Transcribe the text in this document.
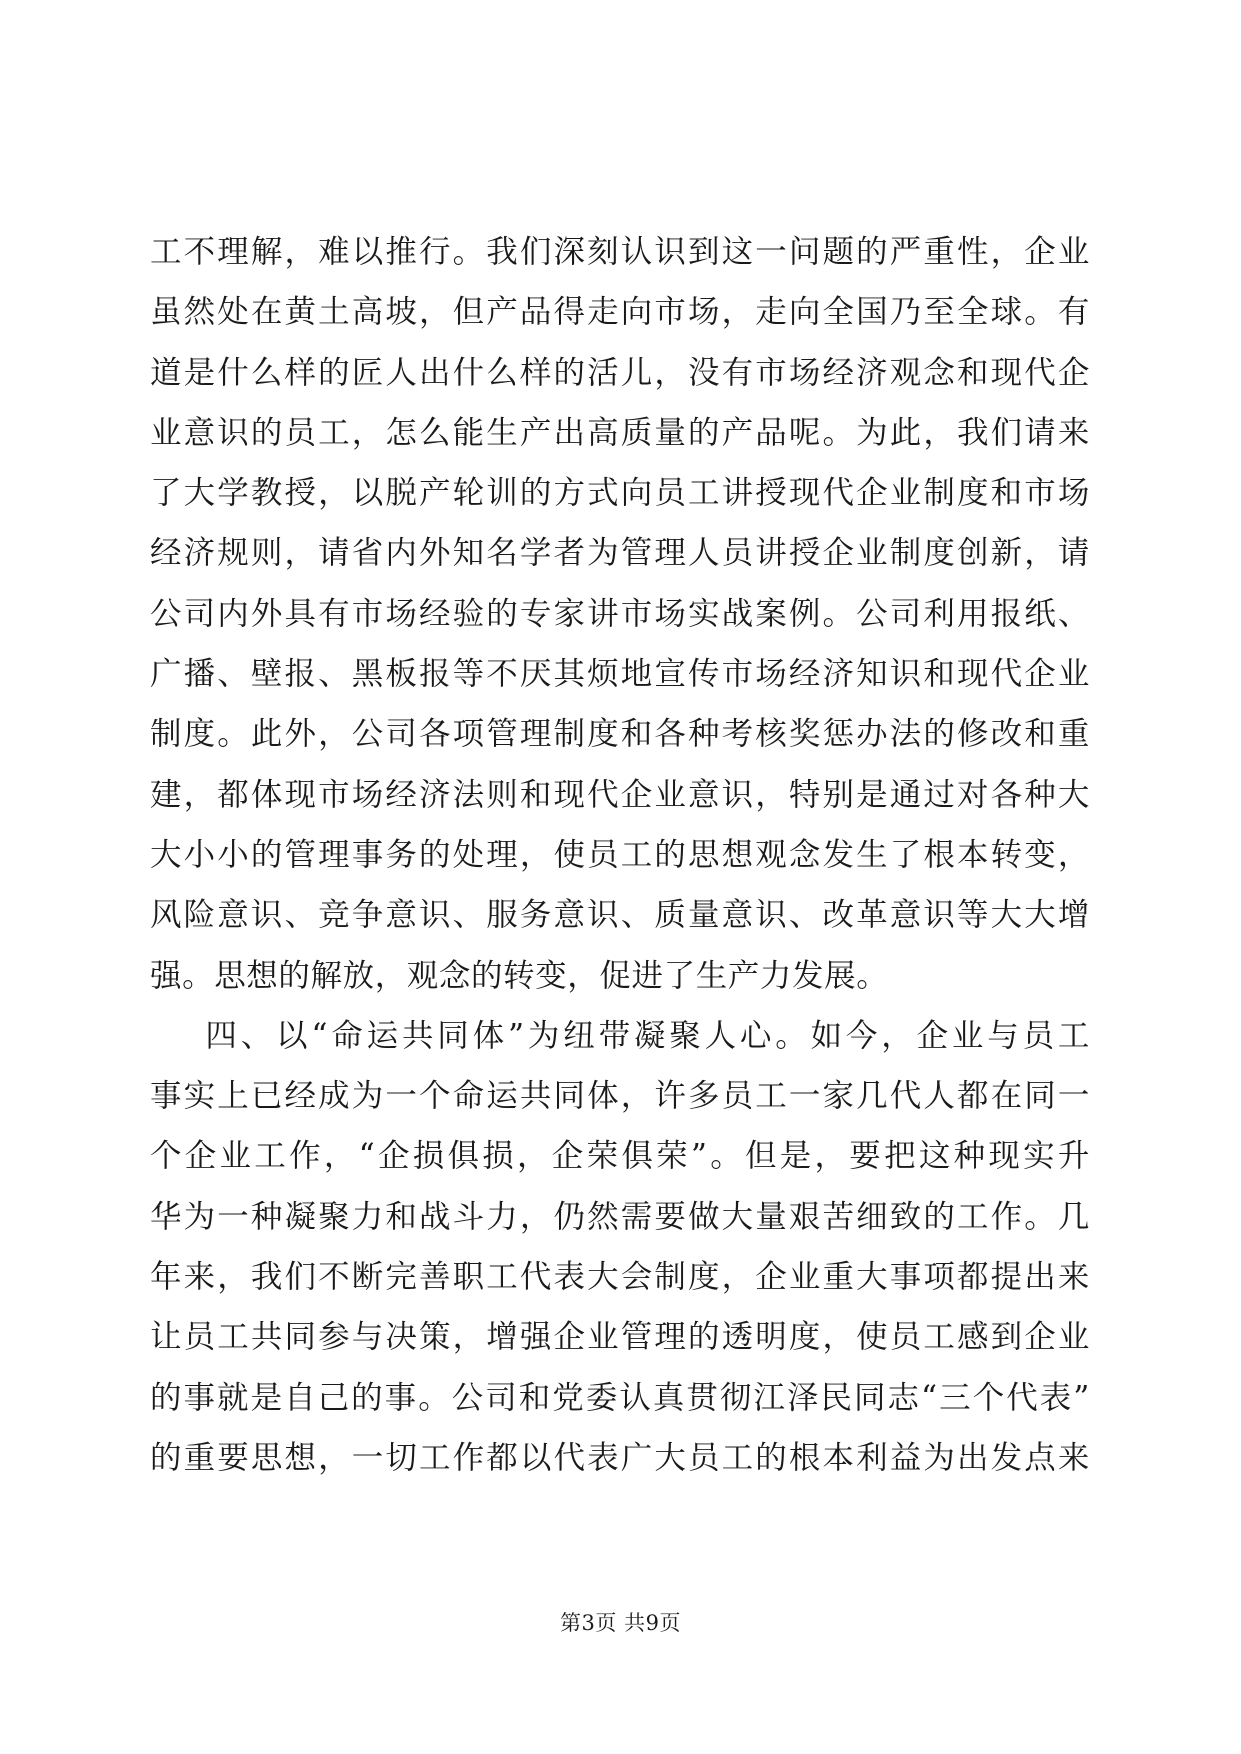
工不理解，难以推行。我们深刻认识到这一问题的严重性，企业
虽然处在黄土高坡，但产品得走向市场，走向全国乃至全球。有
道是什么样的匠人出什么样的活儿，没有市场经济观念和现代企
业意识的员工，怎么能生产出高质量的产品呢。为此，我们请来
了大学教授，以脱产轮训的方式向员工讲授现代企业制度和市场
经济规则，请省内外知名学者为管理人员讲授企业制度创新，请
公司内外具有市场经验的专家讲市场实战案例。公司利用报纸、
广播、壁报、黑板报等不厌其烦地宣传市场经济知识和现代企业
制度。此外，公司各项管理制度和各种考核奖惩办法的修改和重
建，都体现市场经济法则和现代企业意识，特别是通过对各种大
大小小的管理事务的处理，使员工的思想观念发生了根本转变，
风险意识、竞争意识、服务意识、质量意识、改革意识等大大增
强。思想的解放，观念的转变，促进了生产力发展。
四、以“命运共同体”为纽带凝聚人心。如今，企业与员工
事实上已经成为一个命运共同体，许多员工一家几代人都在同一
个企业工作，“企损俱损，企荣俱荣”。但是，要把这种现实升
华为一种凝聚力和战斗力，仍然需要做大量艰苦细致的工作。几
年来，我们不断完善职工代表大会制度，企业重大事项都提出来
让员工共同参与决策，增强企业管理的透明度，使员工感到企业
的事就是自己的事。公司和党委认真贯彻江泽民同志“三个代表”
的重要思想，一切工作都以代表广大员工的根本利益为出发点来
第3页 共9页
